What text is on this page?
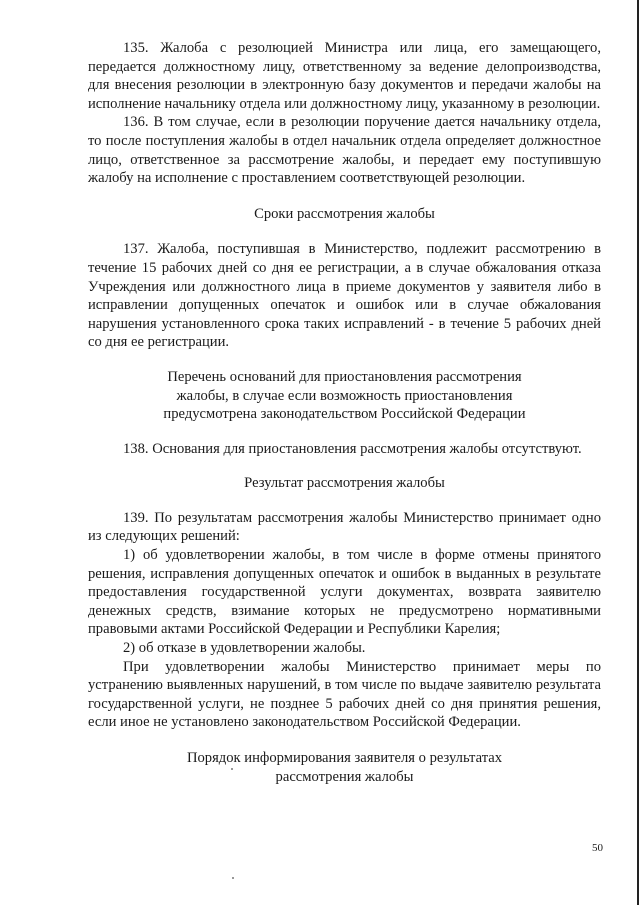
135. Жалоба с резолюцией Министра или лица, его замещающего, передается должностному лицу, ответственному за ведение делопроизводства, для внесения резолюции в электронную базу документов и передачи жалобы на исполнение начальнику отдела или должностному лицу, указанному в резолюции.

136. В том случае, если в резолюции поручение дается начальнику отдела, то после поступления жалобы в отдел начальник отдела определяет должностное лицо, ответственное за рассмотрение жалобы, и передает ему поступившую жалобу на исполнение с проставлением соответствующей резолюции.

Сроки рассмотрения жалобы

137. Жалоба, поступившая в Министерство, подлежит рассмотрению в течение 15 рабочих дней со дня ее регистрации, а в случае обжалования отказа Учреждения или должностного лица в приеме документов у заявителя либо в исправлении допущенных опечаток и ошибок или в случае обжалования нарушения установленного срока таких исправлений - в течение 5 рабочих дней со дня ее регистрации.

Перечень оснований для приостановления рассмотрения
жалобы, в случае если возможность приостановления
предусмотрена законодательством Российской Федерации

138. Основания для приостановления рассмотрения жалобы отсутствуют.

Результат рассмотрения жалобы

139. По результатам рассмотрения жалобы Министерство принимает одно из следующих решений:

1) об удовлетворении жалобы, в том числе в форме отмены принятого решения, исправления допущенных опечаток и ошибок в выданных в результате предоставления государственной услуги документах, возврата заявителю денежных средств, взимание которых не предусмотрено нормативными правовыми актами Российской Федерации и Республики Карелия;

2) об отказе в удовлетворении жалобы.

При удовлетворении жалобы Министерство принимает меры по устранению выявленных нарушений, в том числе по выдаче заявителю результата государственной услуги, не позднее 5 рабочих дней со дня принятия решения, если иное не установлено законодательством Российской Федерации.

Порядок информирования заявителя о результатах
рассмотрения жалобы
50
